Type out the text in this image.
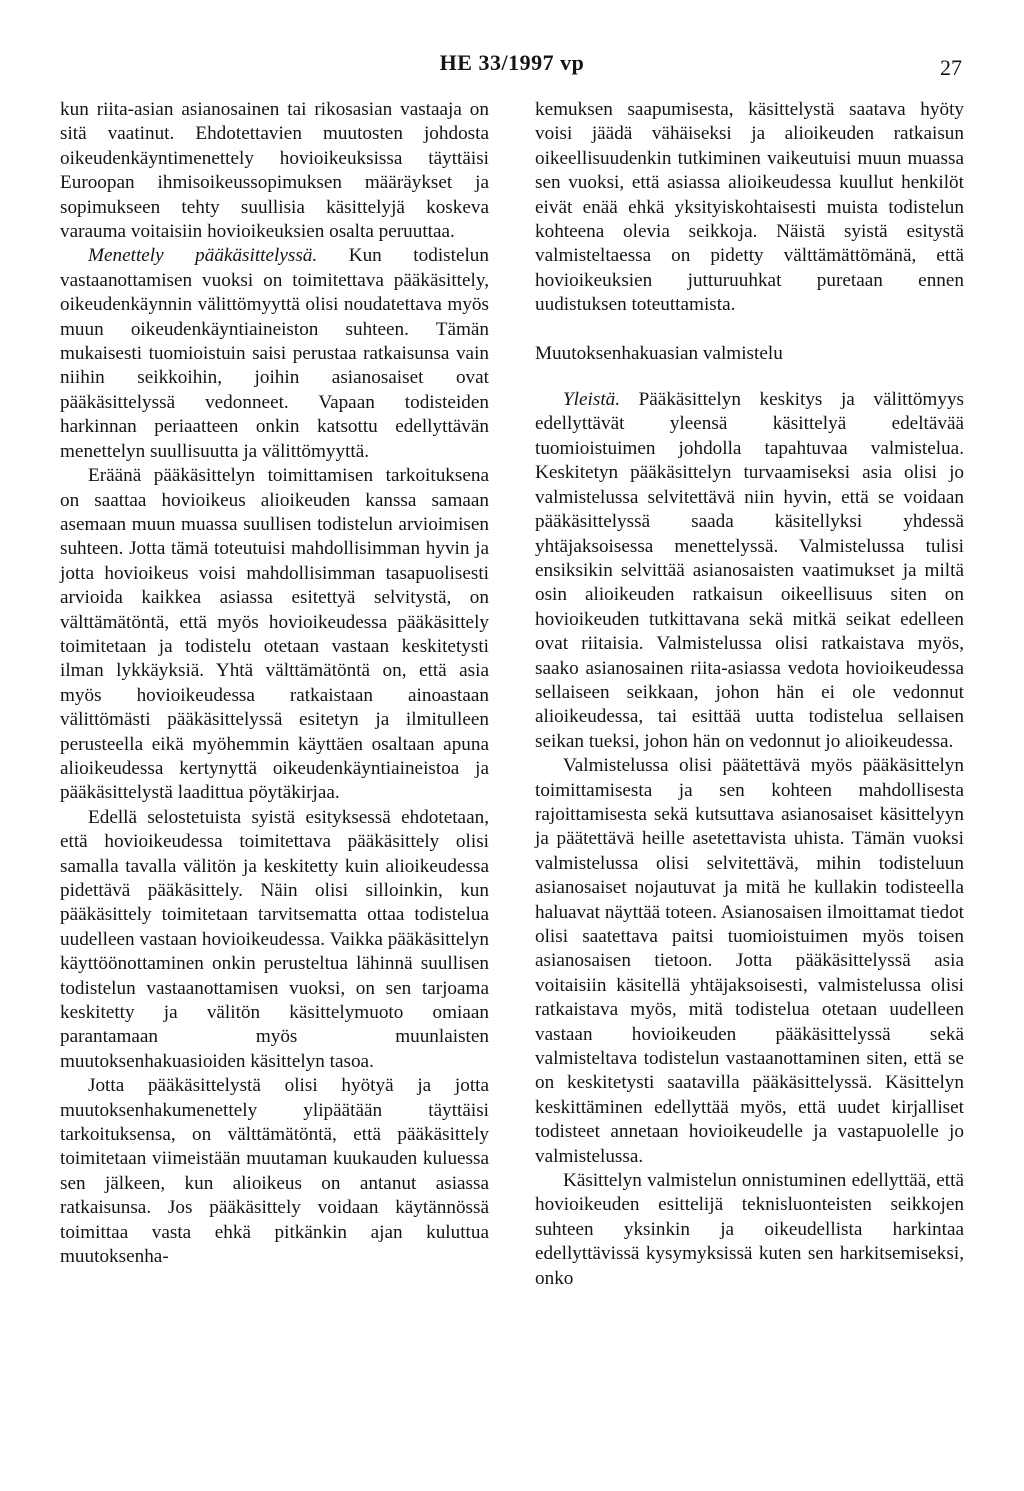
HE 33/1997 vp	27

kun riita-asian asianosainen tai rikosasian vastaaja on sitä vaatinut. Ehdotettavien muutosten johdosta oikeudenkäyntimenettely hovioikeuksissa täyttäisi Euroopan ihmisoikeussopimuksen määräykset ja sopimukseen tehty suullisia käsittelyjä koskeva varauma voitaisiin hovioikeuksien osalta peruuttaa.

Menettely pääkäsittelyssä. Kun todistelun vastaanottamisen vuoksi on toimitettava pääkäsittely, oikeudenkäynnin välittömyyttä olisi noudatettava myös muun oikeudenkäyntiaineiston suhteen. Tämän mukaisesti tuomioistuin saisi perustaa ratkaisunsa vain niihin seikkoihin, joihin asianosaiset ovat pääkäsittelyssä vedonneet. Vapaan todisteiden harkinnan periaatteen onkin katsottu edellyttävän menettelyn suullisuutta ja välittömyyttä.

Eräänä pääkäsittelyn toimittamisen tarkoituksena on saattaa hovioikeus alioikeuden kanssa samaan asemaan muun muassa suullisen todistelun arvioimisen suhteen. Jotta tämä toteutuisi mahdollisimman hyvin ja jotta hovioikeus voisi mahdollisimman tasapuolisesti arvioida kaikkea asiassa esitettyä selvitystä, on välttämätöntä, että myös hovioikeudessa pääkäsittely toimitetaan ja todistelu otetaan vastaan keskitetysti ilman lykkäyksiä. Yhtä välttämätöntä on, että asia myös hovioikeudessa ratkaistaan ainoastaan välittömästi pääkäsittelyssä esitetyn ja ilmitulleen perusteella eikä myöhemmin käyttäen osaltaan apuna alioikeudessa kertynyttä oikeudenkäyntiaineistoa ja pääkäsittelystä laadittua pöytäkirjaa.

Edellä selostetuista syistä esityksessä ehdotetaan, että hovioikeudessa toimitettava pääkäsittely olisi samalla tavalla välitön ja keskitetty kuin alioikeudessa pidettävä pääkäsittely. Näin olisi silloinkin, kun pääkäsittely toimitetaan tarvitsematta ottaa todistelua uudelleen vastaan hovioikeudessa. Vaikka pääkäsittelyn käyttöönottaminen onkin perusteltua lähinnä suullisen todistelun vastaanottamisen vuoksi, on sen tarjoama keskitetty ja välitön käsittelymuoto omiaan parantamaan myös muunlaisten muutoksenhakuasioiden käsittelyn tasoa.

Jotta pääkäsittelystä olisi hyötyä ja jotta muutoksenhakumenettely ylipäätään täyttäisi tarkoituksensa, on välttämätöntä, että pääkäsittely toimitetaan viimeistään muutaman kuukauden kuluessa sen jälkeen, kun alioikeus on antanut asiassa ratkaisunsa. Jos pääkäsittely voidaan käytännössä toimittaa vasta ehkä pitkänkin ajan kuluttua muutoksenha-

kemuksen saapumisesta, käsittelystä saatava hyöty voisi jäädä vähäiseksi ja alioikeuden ratkaisun oikeellisuudenkin tutkiminen vaikeutuisi muun muassa sen vuoksi, että asiassa alioikeudessa kuullut henkilöt eivät enää ehkä yksityiskohtaisesti muista todistelun kohteena olevia seikkoja. Näistä syistä esitystä valmisteltaessa on pidetty välttämättömänä, että hovioikeuksien jutturuuhkat puretaan ennen uudistuksen toteuttamista.

Muutoksenhakuasian valmistelu

Yleistä. Pääkäsittelyn keskitys ja välittömyys edellyttävät yleensä käsittelyä edeltävää tuomioistuimen johdolla tapahtuvaa valmistelua. Keskitetyn pääkäsittelyn turvaamiseksi asia olisi jo valmistelussa selvitettävä niin hyvin, että se voidaan pääkäsittelyssä saada käsitellyksi yhdessä yhtäjaksoisessa menettelyssä. Valmistelussa tulisi ensiksikin selvittää asianosaisten vaatimukset ja miltä osin alioikeuden ratkaisun oikeellisuus siten on hovioikeuden tutkittavana sekä mitkä seikat edelleen ovat riitaisia. Valmistelussa olisi ratkaistava myös, saako asianosainen riita-asiassa vedota hovioikeudessa sellaiseen seikkaan, johon hän ei ole vedonnut alioikeudessa, tai esittää uutta todistelua sellaisen seikan tueksi, johon hän on vedonnut jo alioikeudessa.

Valmistelussa olisi päätettävä myös pääkäsittelyn toimittamisesta ja sen kohteen mahdollisesta rajoittamisesta sekä kutsuttava asianosaiset käsittelyyn ja päätettävä heille asetettavista uhista. Tämän vuoksi valmistelussa olisi selvitettävä, mihin todisteluun asianosaiset nojautuvat ja mitä he kullakin todisteella haluavat näyttää toteen. Asianosaisen ilmoittamat tiedot olisi saatettava paitsi tuomioistuimen myös toisen asianosaisen tietoon. Jotta pääkäsittelyssä asia voitaisiin käsitellä yhtäjaksoisesti, valmistelussa olisi ratkaistava myös, mitä todistelua otetaan uudelleen vastaan hovioikeuden pääkäsittelyssä sekä valmisteltava todistelun vastaanottaminen siten, että se on keskitetysti saatavilla pääkäsittelyssä. Käsittelyn keskittäminen edellyttää myös, että uudet kirjalliset todisteet annetaan hovioikeudelle ja vastapuolelle jo valmistelussa.

Käsittelyn valmistelun onnistuminen edellyttää, että hovioikeuden esittelijä teknisluonteisten seikkojen suhteen yksinkin ja oikeudellista harkintaa edellyttävissä kysymyksissä kuten sen harkitsemiseksi, onko
